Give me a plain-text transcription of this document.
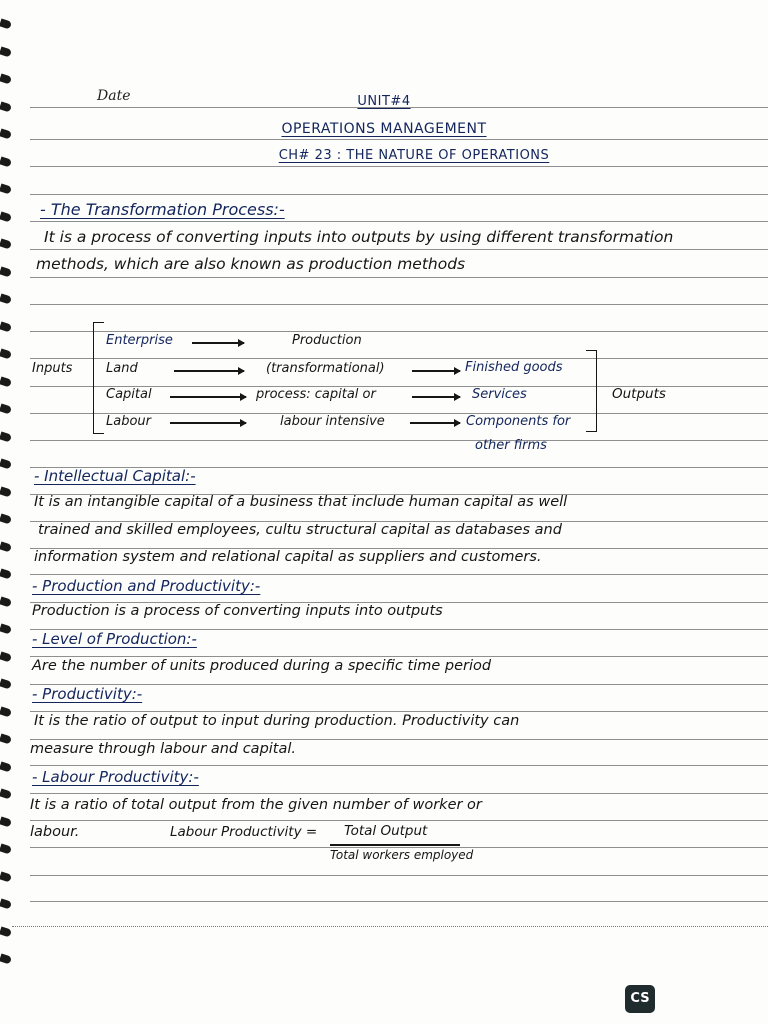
Date	UNIT#4
OPERATIONS MANAGEMENT
CH# 23 : THE NATURE OF OPERATIONS
- The Transformation Process:-
It is a process of converting inputs into outputs by using different transformation
methods, which are also known as production methods
Inputs
Enterprise
Land
Capital
Labour
Production
(transformational)
process: capital or
labour intensive
Finished goods
Services
Components for
other firms
Outputs
- Intellectual Capital:-
It is an intangible capital of a business that include human capital as well
trained and skilled employees, cultu structural capital as databases and
information system and relational capital as suppliers and customers.
- Production and Productivity:-
Production is a process of converting inputs into outputs
- Level of Production:-
Are the number of units produced during a specific time period
- Productivity:-
It is the ratio of output to input during production. Productivity can
measure through labour and capital.
- Labour Productivity:-
It is a ratio of total output from the given number of worker or
labour.	Labour Productivity = Total Output
Total workers employed
CS
